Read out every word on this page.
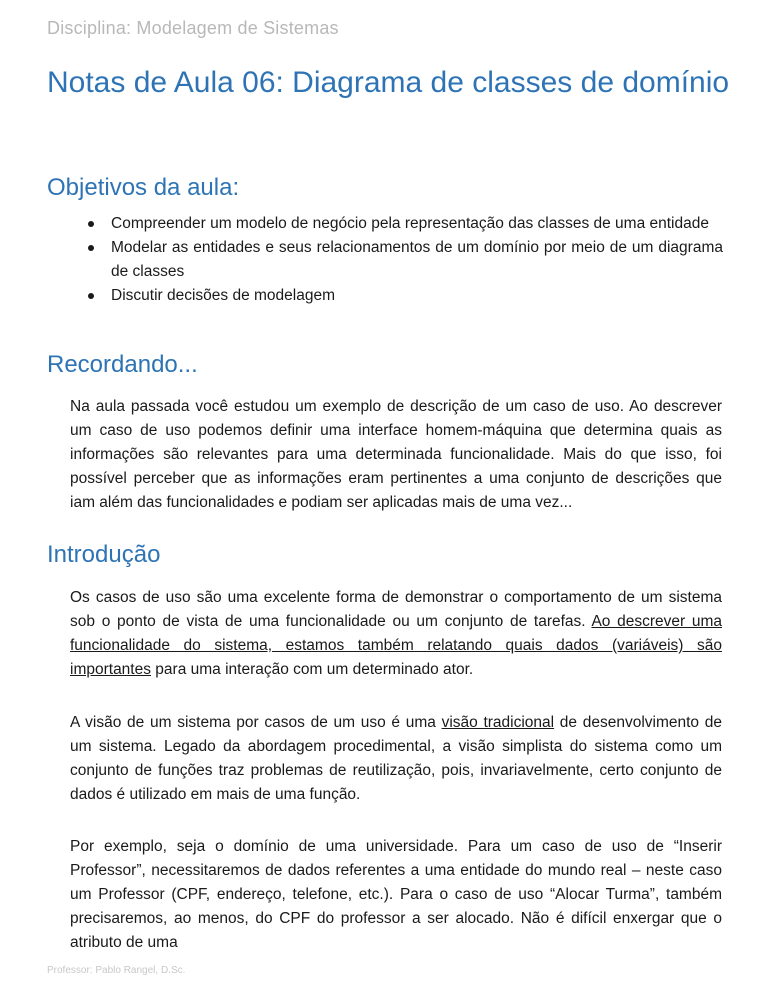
Disciplina: Modelagem de Sistemas
Notas de Aula 06: Diagrama de classes de domínio
Objetivos da aula:
Compreender um modelo de negócio pela representação das classes de uma entidade
Modelar as entidades e seus relacionamentos de um domínio por meio de um diagrama de classes
Discutir decisões de modelagem
Recordando...

Na aula passada você estudou um exemplo de descrição de um caso de uso. Ao descrever um caso de uso podemos definir uma interface homem-máquina que determina quais as informações são relevantes para uma determinada funcionalidade. Mais do que isso, foi possível perceber que as informações eram pertinentes a uma conjunto de descrições que iam além das funcionalidades e podiam ser aplicadas mais de uma vez...

Introdução

Os casos de uso são uma excelente forma de demonstrar o comportamento de um sistema sob o ponto de vista de uma funcionalidade ou um conjunto de tarefas. Ao descrever uma funcionalidade do sistema, estamos também relatando quais dados (variáveis) são importantes para uma interação com um determinado ator.

A visão de um sistema por casos de um uso é uma visão tradicional de desenvolvimento de um sistema. Legado da abordagem procedimental, a visão simplista do sistema como um conjunto de funções traz problemas de reutilização, pois, invariavelmente, certo conjunto de dados é utilizado em mais de uma função.

Por exemplo, seja o domínio de uma universidade. Para um caso de uso de “Inserir Professor”, necessitaremos de dados referentes a uma entidade do mundo real – neste caso um Professor (CPF, endereço, telefone, etc.). Para o caso de uso “Alocar Turma”, também precisaremos, ao menos, do CPF do professor a ser alocado. Não é difícil enxergar que o atributo de uma

Professor: Pablo Rangel, D.Sc.
